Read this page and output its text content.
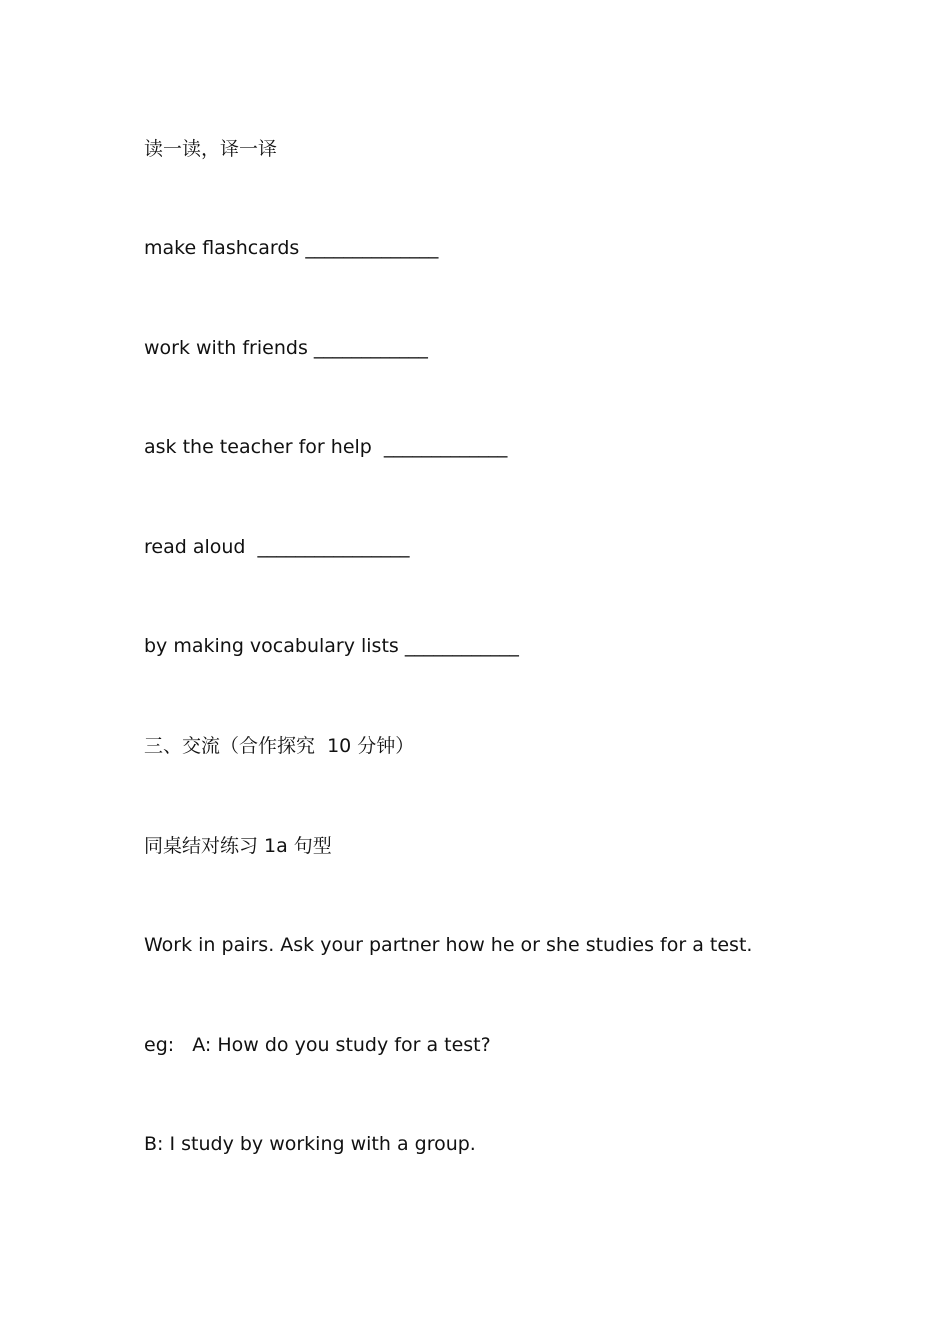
读一读，译一译
make flashcards ______________
work with friends ____________
ask the teacher for help  _____________
read aloud  ________________
by making vocabulary lists ____________
三、交流（合作探究  10 分钟）
同桌结对练习 1a 句型
Work in pairs. Ask your partner how he or she studies for a test.
eg:   A: How do you study for a test?
B: I study by working with a group.
